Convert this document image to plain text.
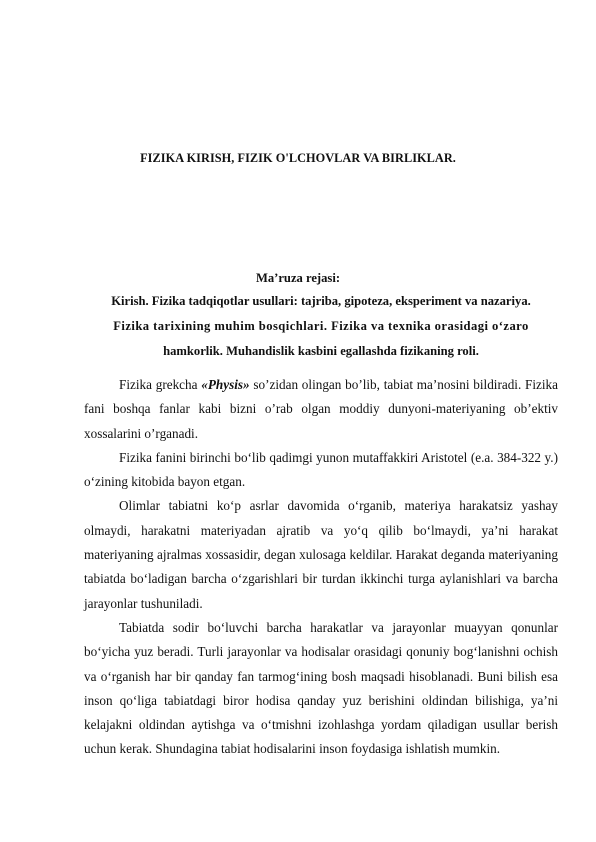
FIZIKA KIRISH, FIZIK O'LCHOVLAR VA BIRLIKLAR.
Ma’ruza rejasi:
Kirish. Fizika tadqiqotlar usullari: tajriba, gipoteza, eksperiment va nazariya.
Fizika tarixining muhim bosqichlari. Fizika va texnika orasidagi o‘zaro
hamkorlik. Muhandislik kasbini egallashda fizikaning roli.

Fizika grekcha «Physis» so’zidan olingan bo’lib, tabiat ma’nosini bildiradi. Fizika fani boshqa fanlar kabi bizni o’rab olgan moddiy dunyoni-materiyaning ob’ektiv xossalarini o’rganadi.

Fizika fanini birinchi bo‘lib qadimgi yunon mutaffakkiri Aristotel (e.a. 384-322 y.) o‘zining kitobida bayon etgan.

Olimlar tabiatni ko‘p asrlar davomida o‘rganib, materiya harakatsiz yashay olmaydi, harakatni materiyadan ajratib va yo‘q qilib bo‘lmaydi, ya’ni harakat materiyaning ajralmas xossasidir, degan xulosaga keldilar. Harakat deganda materiyaning tabiatda bo‘ladigan barcha o‘zgarishlari bir turdan ikkinchi turga aylanishlari va barcha jarayonlar tushuniladi.

Tabiatda sodir bo‘luvchi barcha harakatlar va jarayonlar muayyan qonunlar bo‘yicha yuz beradi. Turli jarayonlar va hodisalar orasidagi qonuniy bog‘lanishni ochish va o‘rganish har bir qanday fan tarmog‘ining bosh maqsadi hisoblanadi. Buni bilish esa inson qo‘liga tabiatdagi biror hodisa qanday yuz berishini oldindan bilishiga, ya’ni kelajakni oldindan aytishga va o‘tmishni izohlashga yordam qiladigan usullar berish uchun kerak. Shundagina tabiat hodisalarini inson foydasiga ishlatish mumkin.
